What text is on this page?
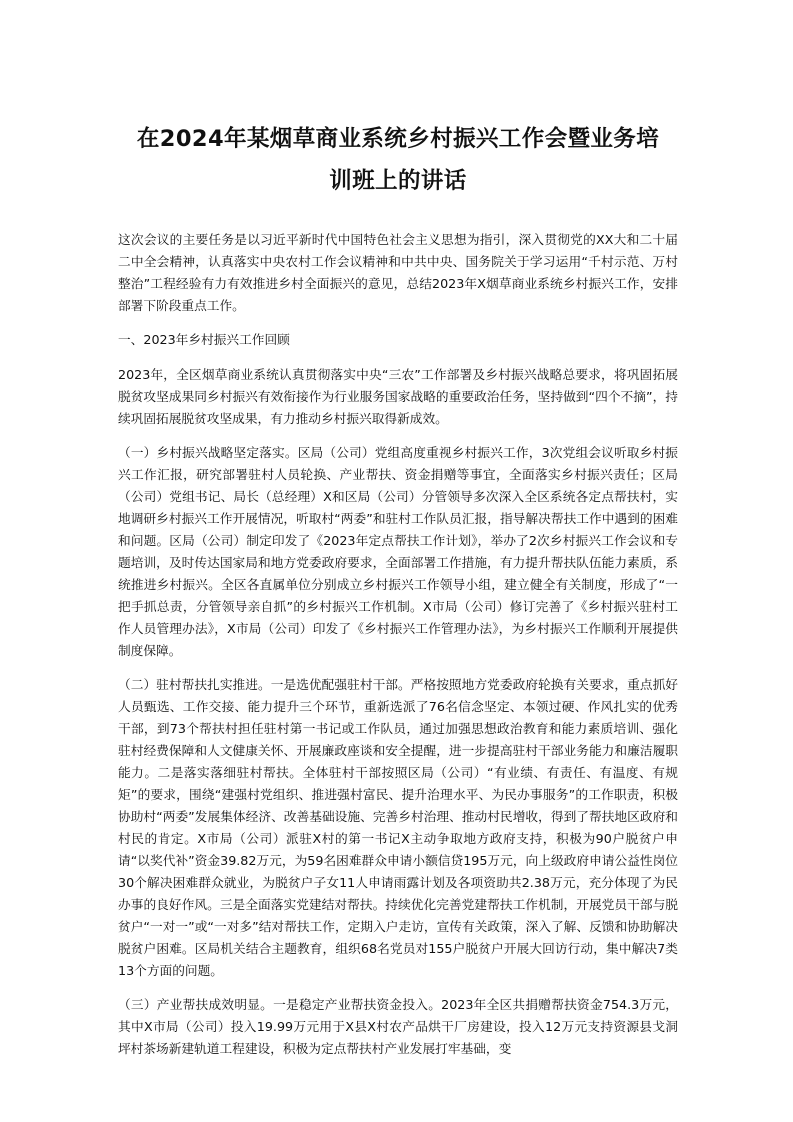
在2024年某烟草商业系统乡村振兴工作会暨业务培
训班上的讲话

这次会议的主要任务是以习近平新时代中国特色社会主义思想为指引，深入贯彻党的XX大和二十届二中全会精神，认真落实中央农村工作会议精神和中共中央、国务院关于学习运用“千村示范、万村整治”工程经验有力有效推进乡村全面振兴的意见，总结2023年X烟草商业系统乡村振兴工作，安排部署下阶段重点工作。

一、2023年乡村振兴工作回顾

2023年，全区烟草商业系统认真贯彻落实中央“三农”工作部署及乡村振兴战略总要求，将巩固拓展脱贫攻坚成果同乡村振兴有效衔接作为行业服务国家战略的重要政治任务，坚持做到“四个不摘”，持续巩固拓展脱贫攻坚成果，有力推动乡村振兴取得新成效。

（一）乡村振兴战略坚定落实。区局（公司）党组高度重视乡村振兴工作，3次党组会议听取乡村振兴工作汇报，研究部署驻村人员轮换、产业帮扶、资金捐赠等事宜，全面落实乡村振兴责任；区局（公司）党组书记、局长（总经理）X和区局（公司）分管领导多次深入全区系统各定点帮扶村，实地调研乡村振兴工作开展情况，听取村“两委”和驻村工作队员汇报，指导解决帮扶工作中遇到的困难和问题。区局（公司）制定印发了《2023年定点帮扶工作计划》，举办了2次乡村振兴工作会议和专题培训，及时传达国家局和地方党委政府要求，全面部署工作措施，有力提升帮扶队伍能力素质，系统推进乡村振兴。全区各直属单位分别成立乡村振兴工作领导小组，建立健全有关制度，形成了“一把手抓总责，分管领导亲自抓”的乡村振兴工作机制。X市局（公司）修订完善了《乡村振兴驻村工作人员管理办法》，X市局（公司）印发了《乡村振兴工作管理办法》，为乡村振兴工作顺利开展提供制度保障。

（二）驻村帮扶扎实推进。一是选优配强驻村干部。严格按照地方党委政府轮换有关要求，重点抓好人员甄选、工作交接、能力提升三个环节，重新选派了76名信念坚定、本领过硬、作风扎实的优秀干部，到73个帮扶村担任驻村第一书记或工作队员，通过加强思想政治教育和能力素质培训、强化驻村经费保障和人文健康关怀、开展廉政座谈和安全提醒，进一步提高驻村干部业务能力和廉洁履职能力。二是落实落细驻村帮扶。全体驻村干部按照区局（公司）“有业绩、有责任、有温度、有规矩”的要求，围绕“建强村党组织、推进强村富民、提升治理水平、为民办事服务”的工作职责，积极协助村“两委”发展集体经济、改善基础设施、完善乡村治理、推动村民增收，得到了帮扶地区政府和村民的肯定。X市局（公司）派驻X村的第一书记X主动争取地方政府支持，积极为90户脱贫户申请“以奖代补”资金39.82万元，为59名困难群众申请小额信贷195万元，向上级政府申请公益性岗位30个解决困难群众就业，为脱贫户子女11人申请雨露计划及各项资助共2.38万元，充分体现了为民办事的良好作风。三是全面落实党建结对帮扶。持续优化完善党建帮扶工作机制，开展党员干部与脱贫户“一对一”或“一对多”结对帮扶工作，定期入户走访，宣传有关政策，深入了解、反馈和协助解决脱贫户困难。区局机关结合主题教育，组织68名党员对155户脱贫户开展大回访行动，集中解决7类13个方面的问题。

（三）产业帮扶成效明显。一是稳定产业帮扶资金投入。2023年全区共捐赠帮扶资金754.3万元，其中X市局（公司）投入19.99万元用于X县X村农产品烘干厂房建设，投入12万元支持资源县戈洞坪村茶场新建轨道工程建设，积极为定点帮扶村产业发展打牢基础，变
